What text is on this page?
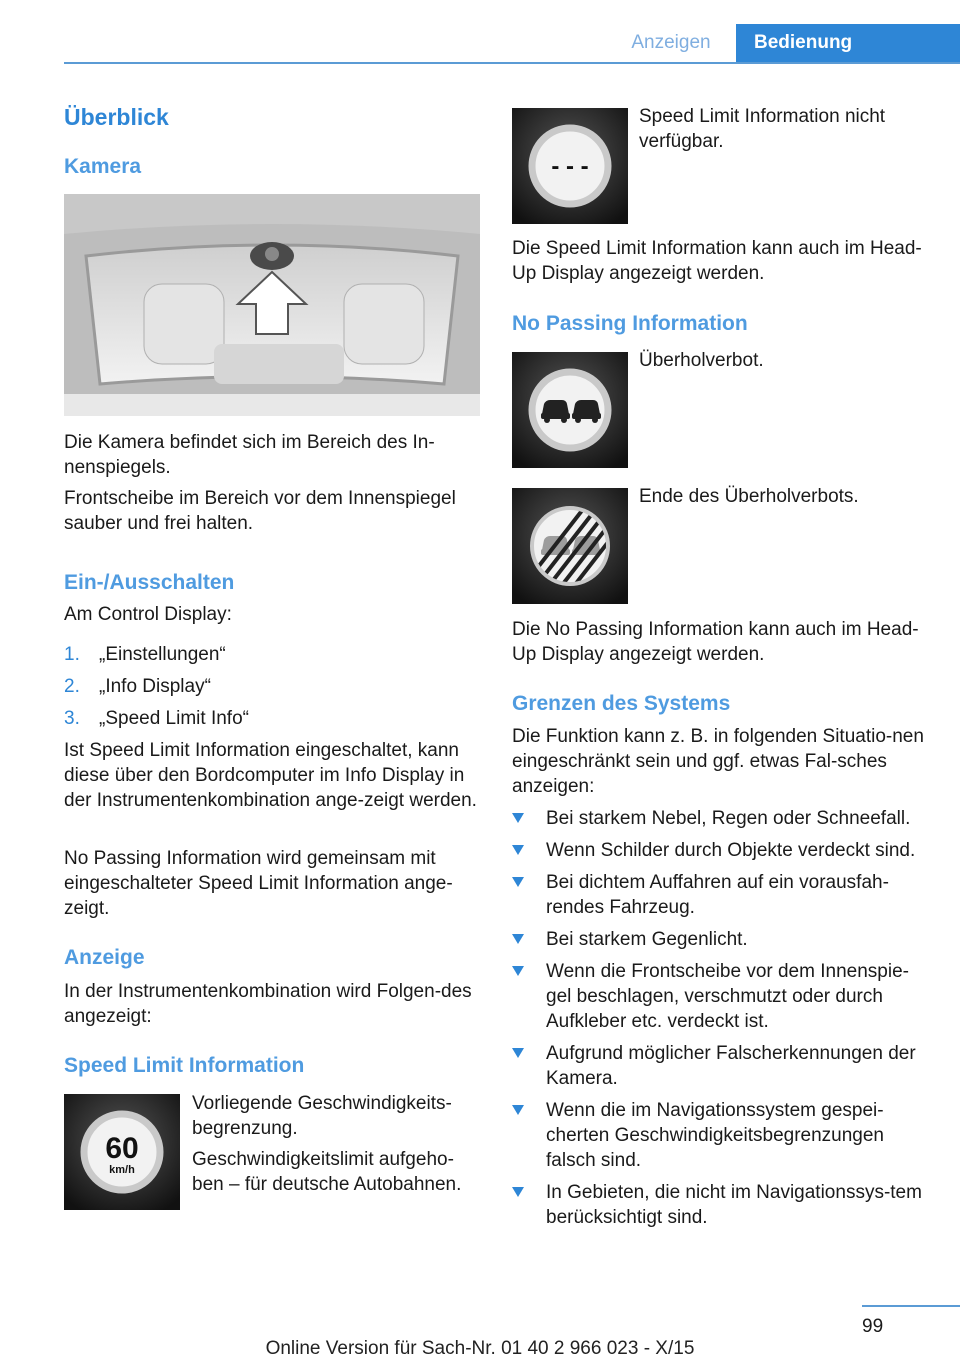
Anzeigen	Bedienung
Überblick
Kamera

Die Kamera befindet sich im Bereich des In-nenspiegels.

Frontscheibe im Bereich vor dem Innenspiegel sauber und frei halten.

Ein-/Ausschalten

Am Control Display:

1. „Einstellungen“
2. „Info Display“
3. „Speed Limit Info“

Ist Speed Limit Information eingeschaltet, kann diese über den Bordcomputer im Info Display in der Instrumentenkombination ange-zeigt werden.

No Passing Information wird gemeinsam mit eingeschalteter Speed Limit Information ange-zeigt.

Anzeige

In der Instrumentenkombination wird Folgen-des angezeigt:

Speed Limit Information
60
km/h

Vorliegende Geschwindigkeits-begrenzung.

Geschwindigkeitslimit aufgeho-ben – für deutsche Autobahnen.

- - -

Speed Limit Information nicht verfügbar.

Die Speed Limit Information kann auch im Head-Up Display angezeigt werden.

No Passing Information

Überholverbot.

Ende des Überholverbots.

Die No Passing Information kann auch im Head-Up Display angezeigt werden.

Grenzen des Systems

Die Funktion kann z. B. in folgenden Situatio-nen eingeschränkt sein und ggf. etwas Fal-sches anzeigen:

Bei starkem Nebel, Regen oder Schneefall.
Wenn Schilder durch Objekte verdeckt sind.
Bei dichtem Auffahren auf ein vorausfah-rendes Fahrzeug.
Bei starkem Gegenlicht.
Wenn die Frontscheibe vor dem Innenspie-gel beschlagen, verschmutzt oder durch Aufkleber etc. verdeckt ist.
Aufgrund möglicher Falscherkennungen der Kamera.
Wenn die im Navigationssystem gespei-cherten Geschwindigkeitsbegrenzungen falsch sind.
In Gebieten, die nicht im Navigationssys-tem berücksichtigt sind.
99
Online Version für Sach-Nr. 01 40 2 966 023 - X/15
